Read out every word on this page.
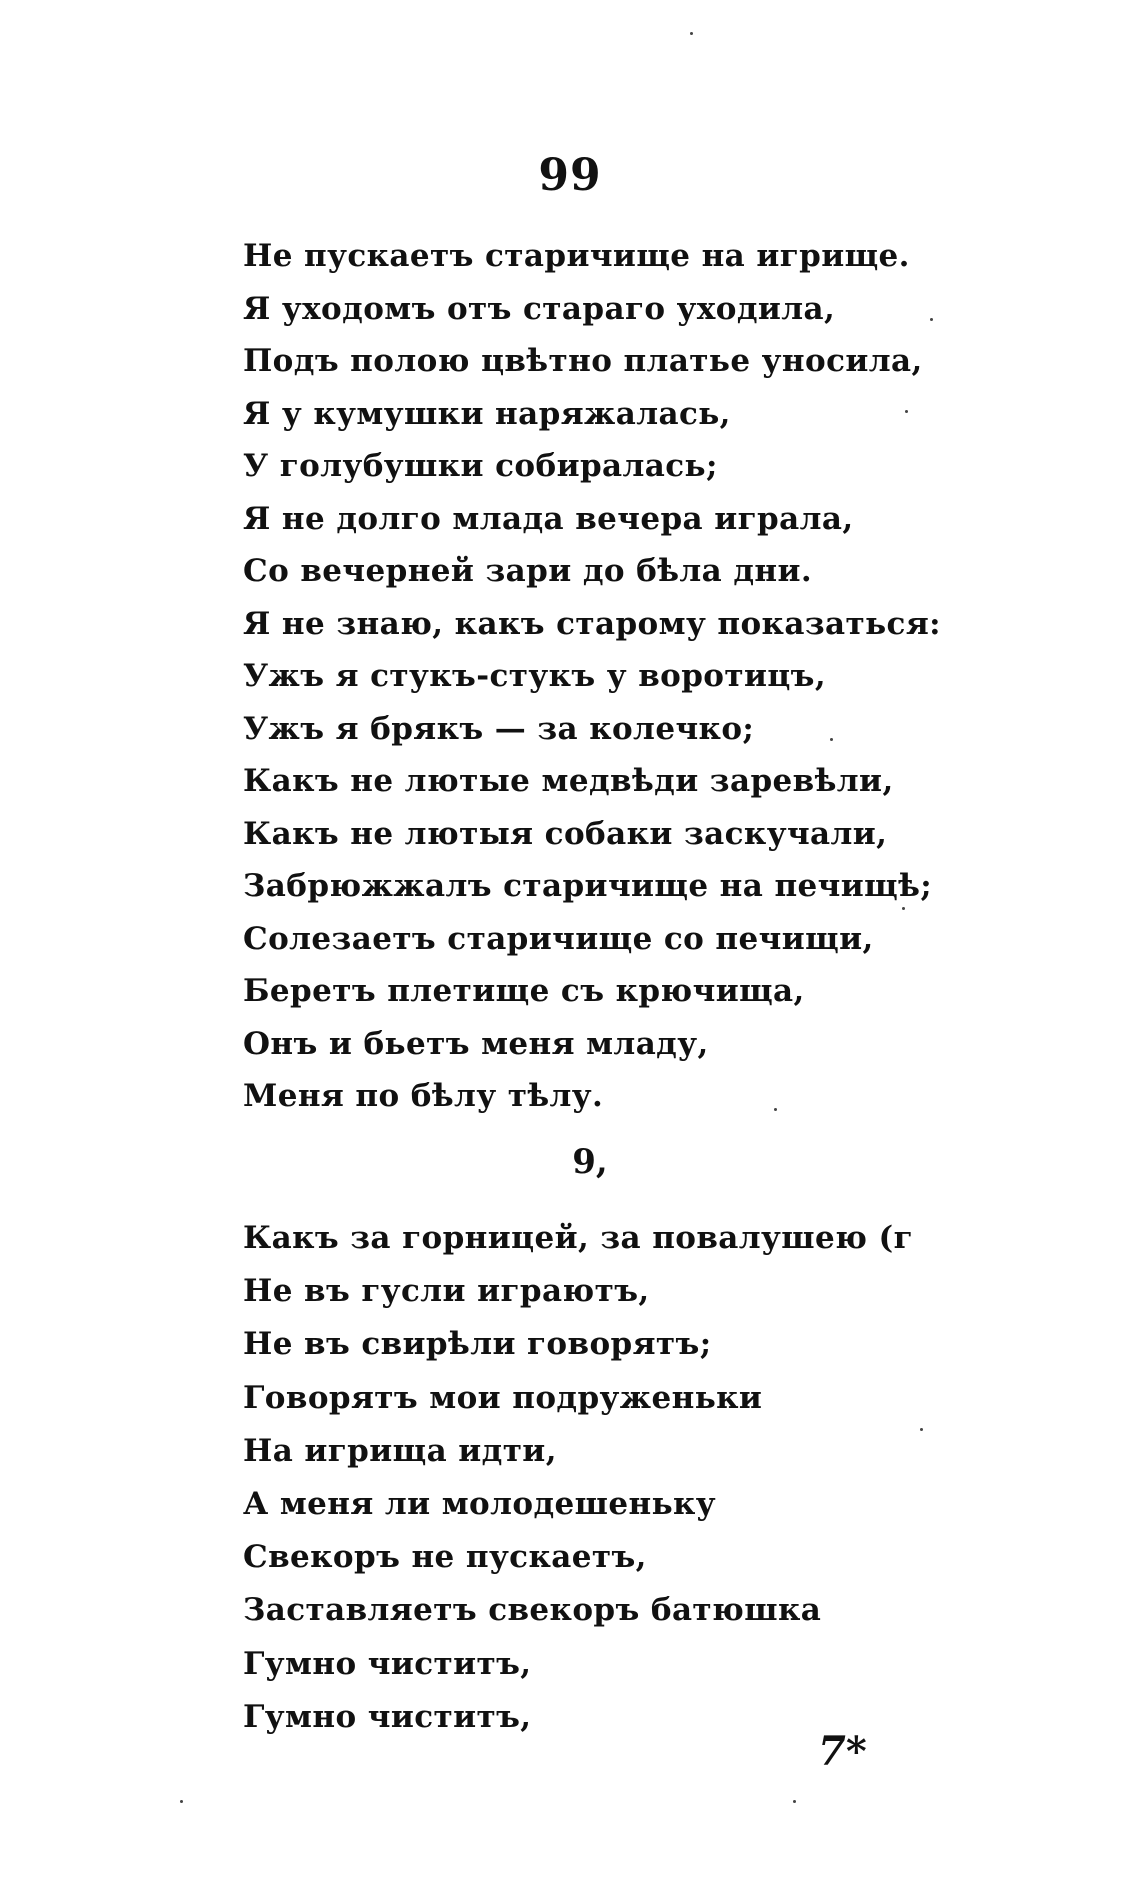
99
Не пускаетъ старичище на игрище.
Я уходомъ отъ стараго уходила,
Подъ полою цвѣтно платье уносила,
Я у кумушки наряжалась,
У голубушки собиралась;
Я не долго млада вечера играла,
Со вечерней зари до бѣла дни.
Я не знаю, какъ старому показаться:
Ужъ я стукъ-стукъ у воротицъ,
Ужъ я брякъ — за колечко;
Какъ не лютые медвѣди заревѣли,
Какъ не лютыя собаки заскучали,
Забрюжжалъ старичище на печищѣ;
Солезаетъ старичище со печищи,
Беретъ плетище съ крючища,
Онъ и бьетъ меня младу,
Меня по бѣлу тѣлу.
9,
Какъ за горницей, за повалушею (г
Не въ гусли играютъ,
Не въ свирѣли говорятъ;
Говорятъ мои подруженьки
На игрища идти,
А меня ли молодешеньку
Свекоръ не пускаетъ,
Заставляетъ свекоръ батюшка
Гумно чиститъ,
Гумно чиститъ,
7*
